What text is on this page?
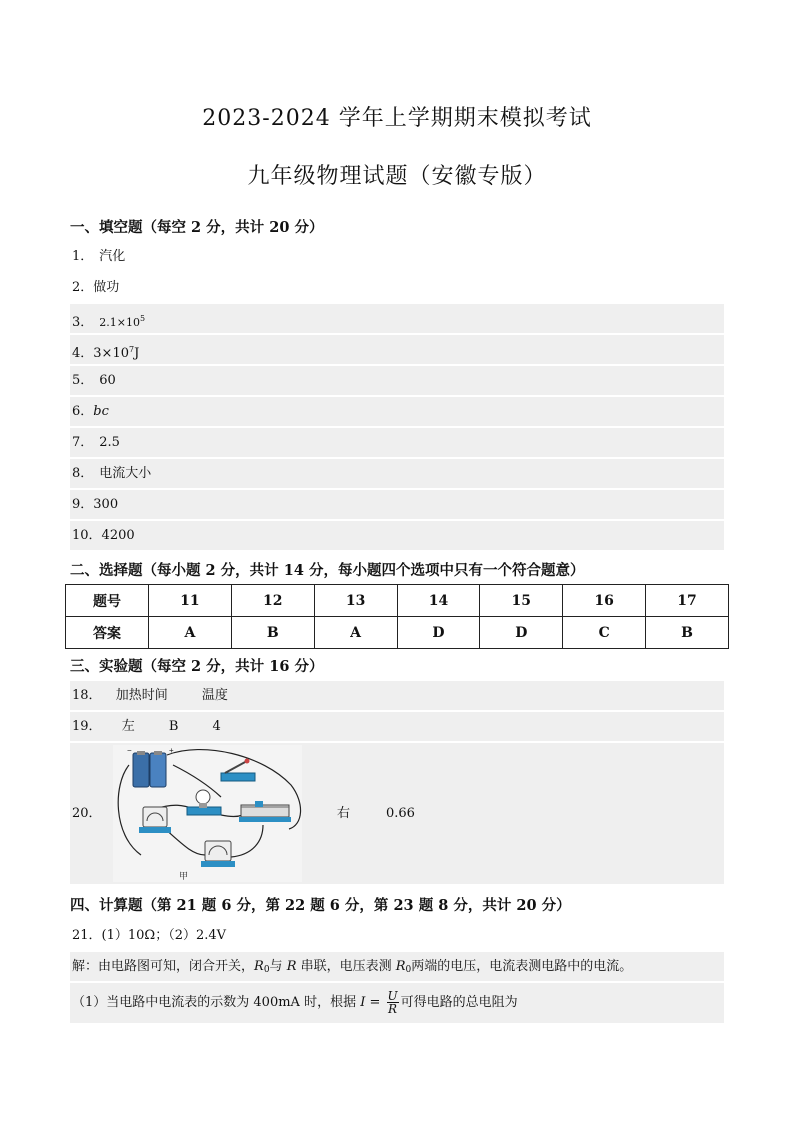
2023-2024 学年上学期期末模拟考试
九年级物理试题（安徽专版）
一、填空题（每空 2 分，共计 20 分）
1． 汽化
2．做功
3． $2.1\times 10^5$
4．$3\times 10^7J$
5． 60
6．bc
7． 2.5
8． 电流大小
9．300
10．4200
二、选择题（每小题 2 分，共计 14 分，每小题四个选项中只有一个符合题意）
题号	11	12	13	14	15	16	17
答案	A	B	A	D	D	C	B
三、实验题（每空 2 分，共计 16 分）
18． 加热时间	温度
19． 左	B	4
20．	右	0.66
−	+
甲
四、计算题（第 21 题 6 分，第 22 题 6 分，第 23 题 8 分，共计 20 分）
21．(1）10Ω；（2）2.4V
解：由电路图可知，闭合开关，$R_0$与 R 串联，电压表测 $R_0$两端的电压，电流表测电路中的电流。
（1）当电路中电流表的示数为 400mA 时，根据 $I = \frac{U}{R}$ 可得电路的总电阻为
